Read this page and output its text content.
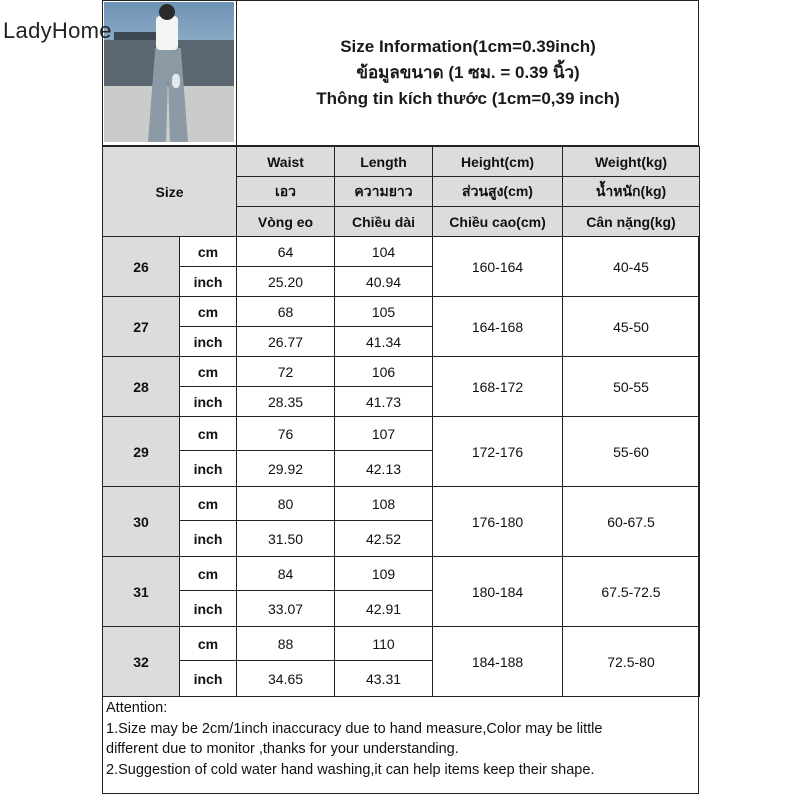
LadyHome
Size Information(1cm=0.39inch)
ข้อมูลขนาด (1 ซม. = 0.39 นิ้ว)
Thông tin kích thước (1cm=0,39 inch)
Size		Waist	Length	Height(cm)	Weight(kg)
		เอว	ความยาว	ส่วนสูง(cm)	น้ำหนัก(kg)
		Vòng eo	Chiều dài	Chiều cao(cm)	Cân nặng(kg)
26	cm	64	104	160-164	40-45
	inch	25.20	40.94		
27	cm	68	105	164-168	45-50
	inch	26.77	41.34		
28	cm	72	106	168-172	50-55
	inch	28.35	41.73		
29	cm	76	107	172-176	55-60
	inch	29.92	42.13		
30	cm	80	108	176-180	60-67.5
	inch	31.50	42.52		
31	cm	84	109	180-184	67.5-72.5
	inch	33.07	42.91		
32	cm	88	110	184-188	72.5-80
	inch	34.65	43.31		
Attention:
1.Size may be 2cm/1inch inaccuracy due to hand measure,Color may be little
different due to monitor ,thanks for your understanding.
2.Suggestion of cold water hand washing,it can help items keep their shape.
